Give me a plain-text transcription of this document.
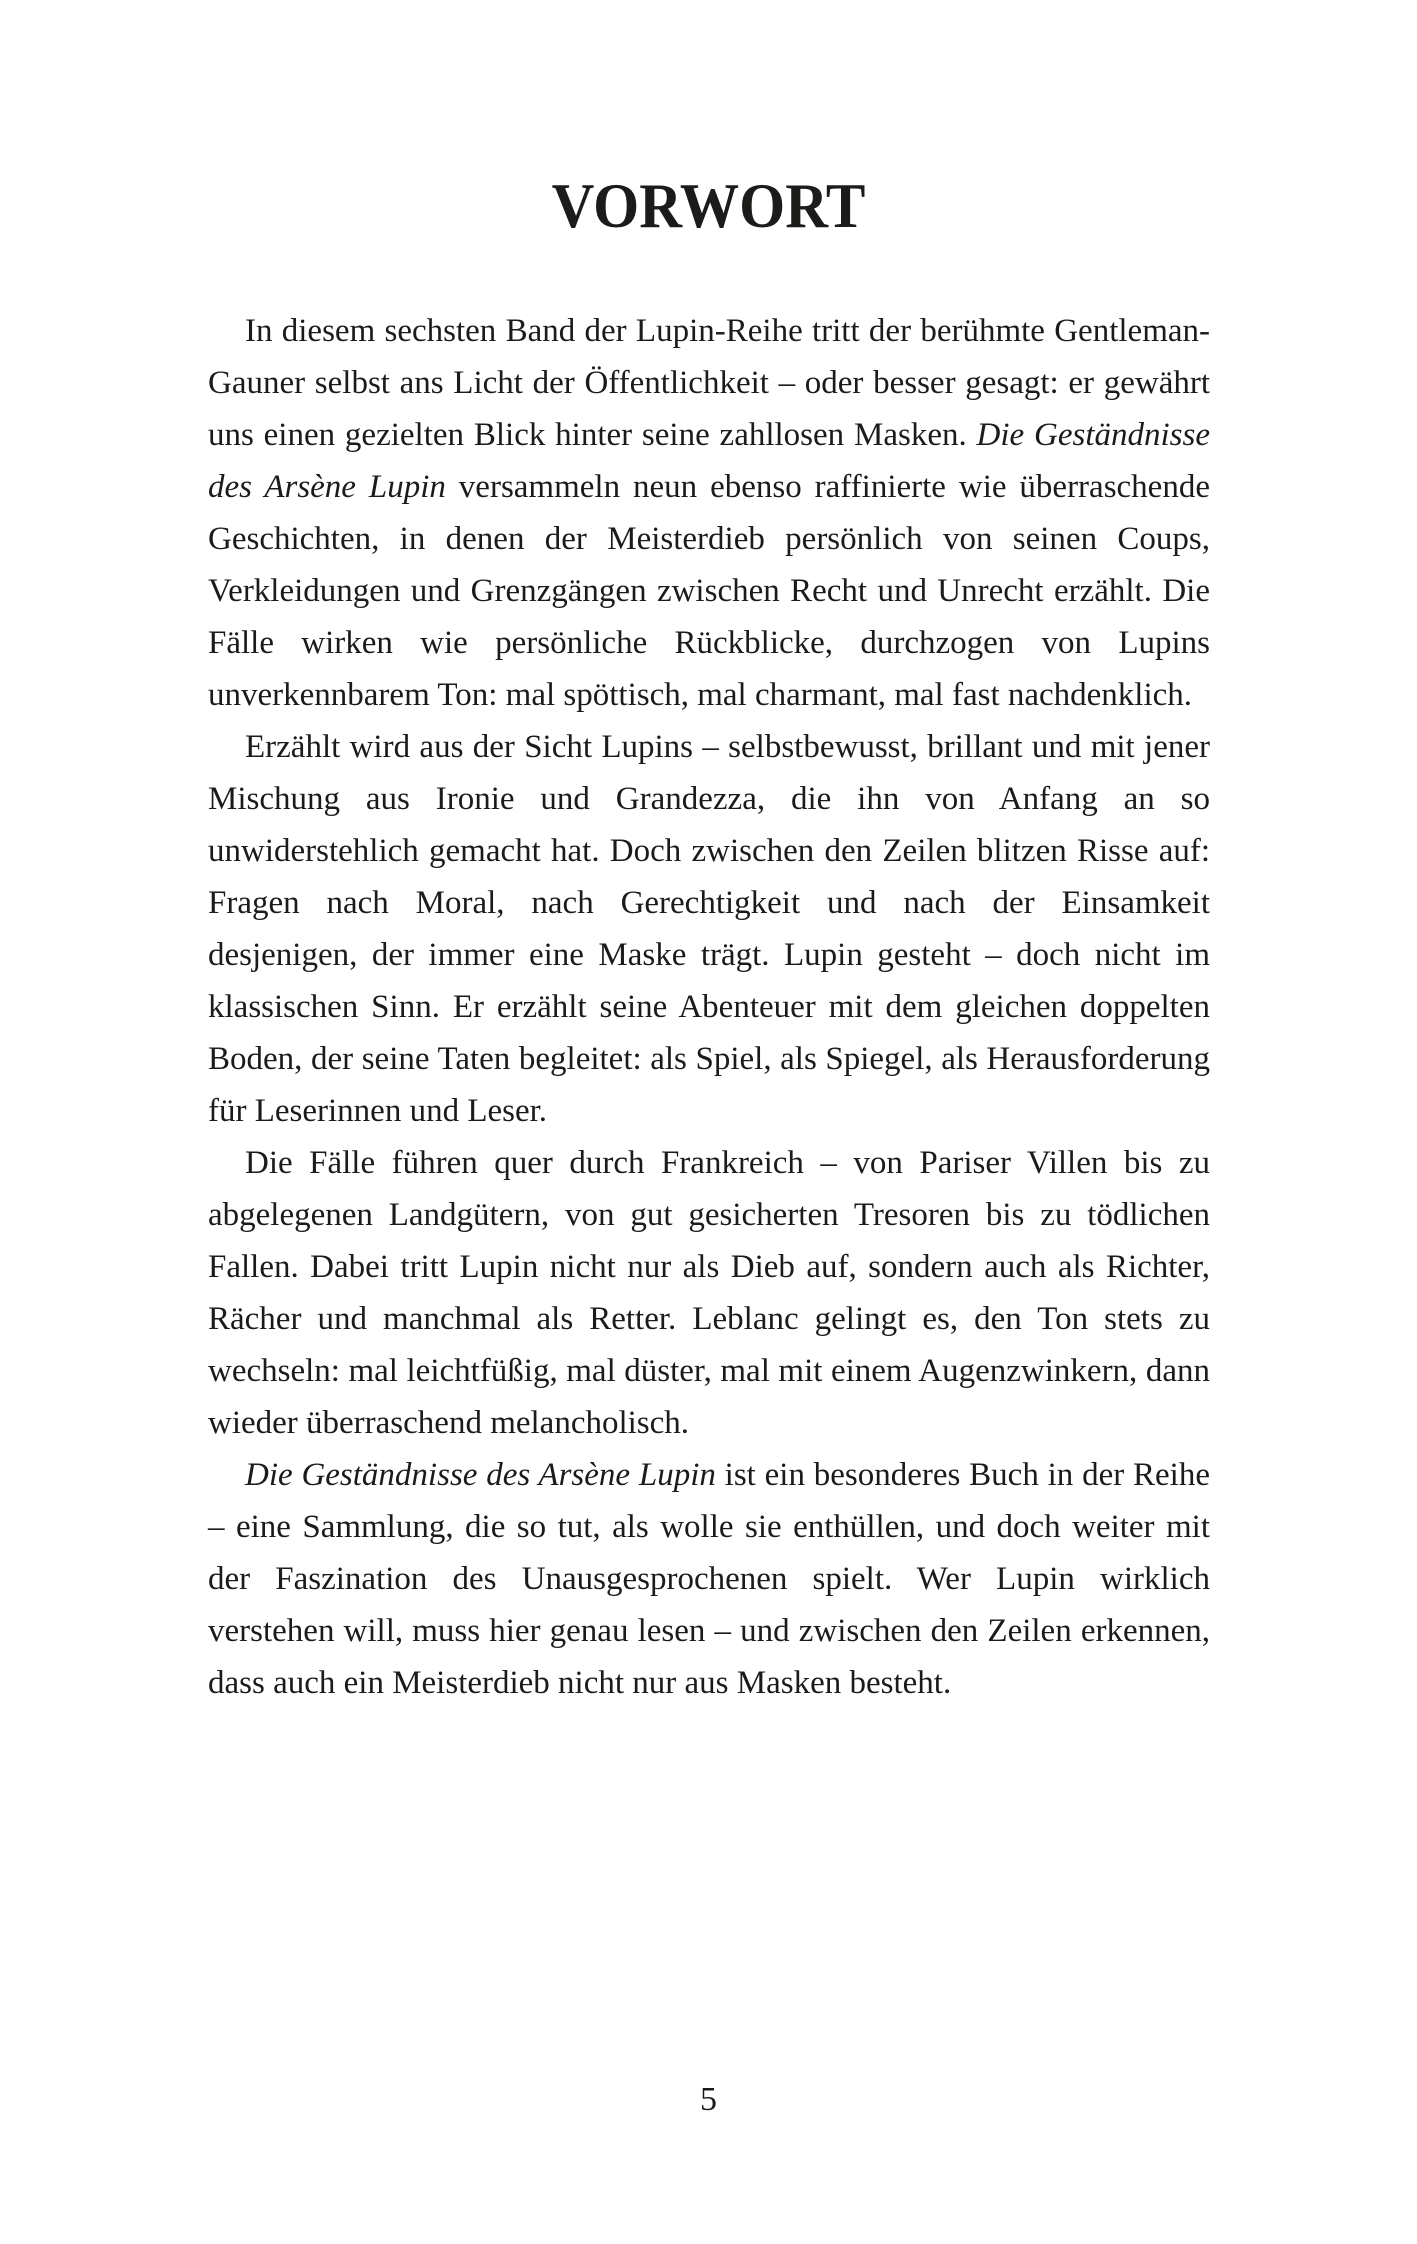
VORWORT

In diesem sechsten Band der Lupin-Reihe tritt der berühmte Gentleman-Gauner selbst ans Licht der Öffentlichkeit – oder besser gesagt: er gewährt uns einen gezielten Blick hinter seine zahllosen Masken. Die Geständnisse des Arsène Lupin versammeln neun ebenso raffinierte wie überraschende Geschichten, in denen der Meisterdieb persönlich von seinen Coups, Verkleidungen und Grenzgängen zwischen Recht und Unrecht erzählt. Die Fälle wirken wie persönliche Rückblicke, durchzogen von Lupins unverkennbarem Ton: mal spöttisch, mal charmant, mal fast nachdenklich.

Erzählt wird aus der Sicht Lupins – selbstbewusst, brillant und mit jener Mischung aus Ironie und Grandezza, die ihn von Anfang an so unwiderstehlich gemacht hat. Doch zwischen den Zeilen blitzen Risse auf: Fragen nach Moral, nach Gerechtigkeit und nach der Einsamkeit desjenigen, der immer eine Maske trägt. Lupin gesteht – doch nicht im klassischen Sinn. Er erzählt seine Abenteuer mit dem gleichen doppelten Boden, der seine Taten begleitet: als Spiel, als Spiegel, als Herausforderung für Leserinnen und Leser.

Die Fälle führen quer durch Frankreich – von Pariser Villen bis zu abgelegenen Landgütern, von gut gesicherten Tresoren bis zu tödlichen Fallen. Dabei tritt Lupin nicht nur als Dieb auf, sondern auch als Richter, Rächer und manchmal als Retter. Leblanc gelingt es, den Ton stets zu wechseln: mal leichtfüßig, mal düster, mal mit einem Augenzwinkern, dann wieder überraschend melancholisch.

Die Geständnisse des Arsène Lupin ist ein besonderes Buch in der Reihe – eine Sammlung, die so tut, als wolle sie enthüllen, und doch weiter mit der Faszination des Unausgesprochenen spielt. Wer Lupin wirklich verstehen will, muss hier genau lesen – und zwischen den Zeilen erkennen, dass auch ein Meisterdieb nicht nur aus Masken besteht.

5
